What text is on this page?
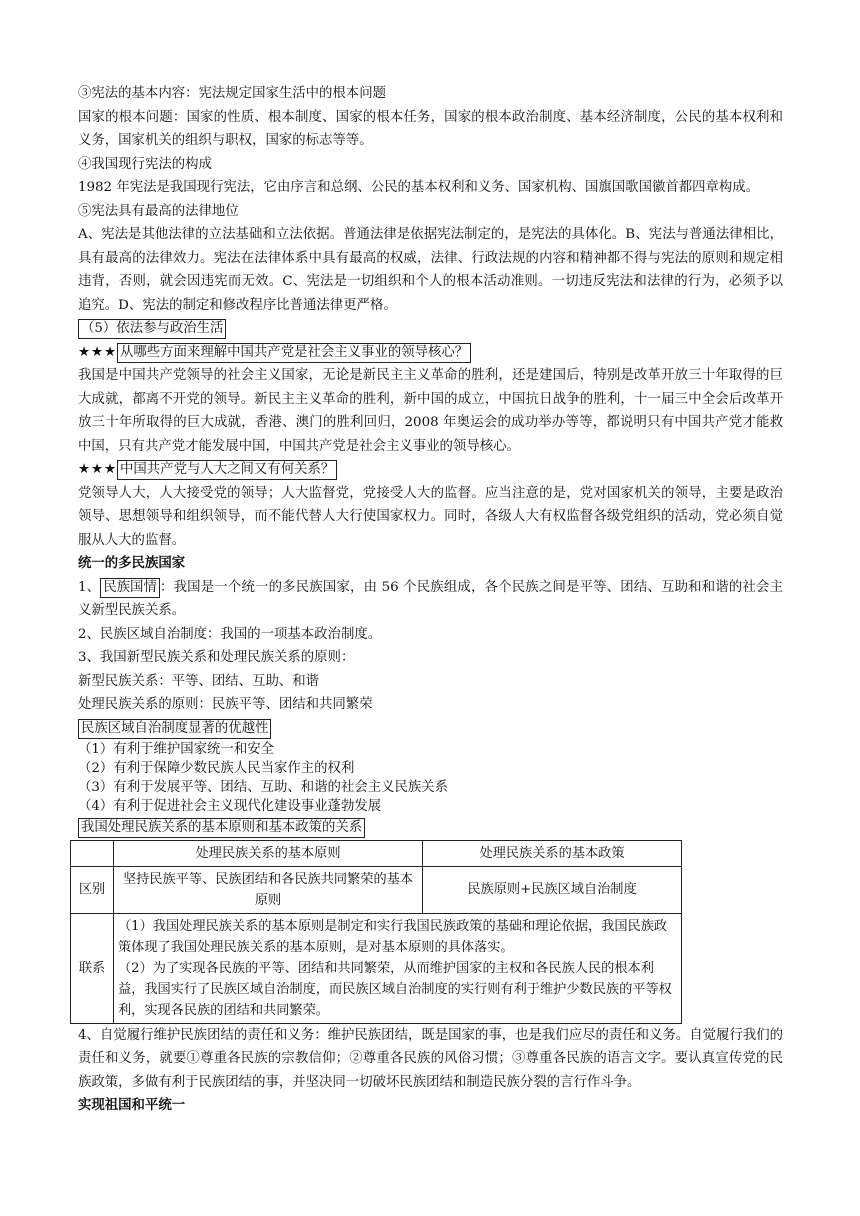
③宪法的基本内容：宪法规定国家生活中的根本问题

国家的根本问题：国家的性质、根本制度、国家的根本任务，国家的根本政治制度、基本经济制度，公民的基本权利和义务，国家机关的组织与职权，国家的标志等等。

④我国现行宪法的构成

1982 年宪法是我国现行宪法，它由序言和总纲、公民的基本权利和义务、国家机构、国旗国歌国徽首都四章构成。

⑤宪法具有最高的法律地位

A、宪法是其他法律的立法基础和立法依据。普通法律是依据宪法制定的，是宪法的具体化。B、宪法与普通法律相比，具有最高的法律效力。宪法在法律体系中具有最高的权威，法律、行政法规的内容和精神都不得与宪法的原则和规定相违背，否则，就会因违宪而无效。C、宪法是一切组织和个人的根本活动准则。一切违反宪法和法律的行为，必须予以追究。D、宪法的制定和修改程序比普通法律更严格。

（5）依法参与政治生活

★★★ 从哪些方面来理解中国共产党是社会主义事业的领导核心？

我国是中国共产党领导的社会主义国家，无论是新民主主义革命的胜利，还是建国后，特别是改革开放三十年取得的巨大成就，都离不开党的领导。新民主主义革命的胜利，新中国的成立，中国抗日战争的胜利，十一届三中全会后改革开放三十年所取得的巨大成就，香港、澳门的胜利回归，2008 年奥运会的成功举办等等，都说明只有中国共产党才能救中国，只有共产党才能发展中国，中国共产党是社会主义事业的领导核心。

★★★ 中国共产党与人大之间又有何关系？

党领导人大，人大接受党的领导；人大监督党，党接受人大的监督。应当注意的是，党对国家机关的领导，主要是政治领导、思想领导和组织领导，而不能代替人大行使国家权力。同时，各级人大有权监督各级党组织的活动，党必须自觉服从人大的监督。

统一的多民族国家

1、 民族国情 ：我国是一个统一的多民族国家，由 56 个民族组成，各个民族之间是平等、团结、互助和和谐的社会主义新型民族关系。

2、民族区域自治制度：我国的一项基本政治制度。

3、我国新型民族关系和处理民族关系的原则：

新型民族关系：平等、团结、互助、和谐

处理民族关系的原则：民族平等、团结和共同繁荣

民族区域自治制度显著的优越性

（1）有利于维护国家统一和安全

（2）有利于保障少数民族人民当家作主的权利

（3）有利于发展平等、团结、互助、和谐的社会主义民族关系

（4）有利于促进社会主义现代化建设事业蓬勃发展

我国处理民族关系的基本原则和基本政策的关系

	处理民族关系的基本原则	处理民族关系的基本政策
区别	坚持民族平等、民族团结和各民族共同繁荣的基本原则	民族原则+民族区域自治制度
联系	（1）我国处理民族关系的基本原则是制定和实行我国民族政策的基础和理论依据，我国民族政策体现了我国处理民族关系的基本原则，是对基本原则的具体落实。
（2）为了实现各民族的平等、团结和共同繁荣，从而维护国家的主权和各民族人民的根本利益，我国实行了民族区域自治制度，而民族区域自治制度的实行则有利于维护少数民族的平等权利，实现各民族的团结和共同繁荣。	

4、自觉履行维护民族团结的责任和义务：维护民族团结，既是国家的事，也是我们应尽的责任和义务。自觉履行我们的责任和义务，就要①尊重各民族的宗教信仰；②尊重各民族的风俗习惯；③尊重各民族的语言文字。要认真宣传党的民族政策，多做有利于民族团结的事，并坚决同一切破坏民族团结和制造民族分裂的言行作斗争。

实现祖国和平统一
